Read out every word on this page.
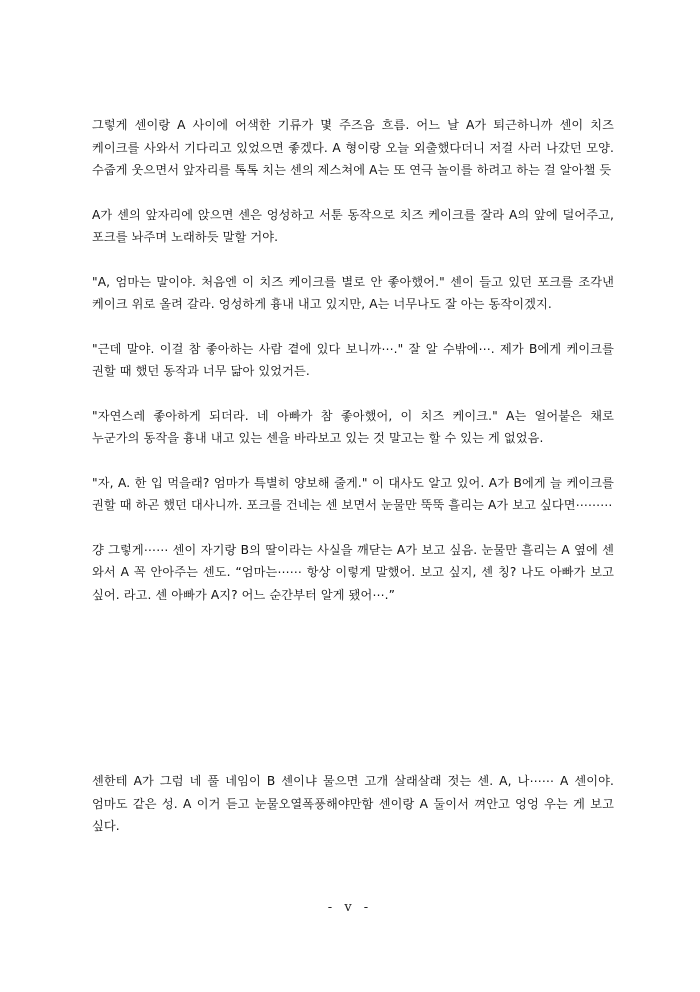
그렇게 센이랑 A 사이에 어색한 기류가 몇 주즈음 흐름. 어느 날 A가 퇴근하니까 센이 치즈 케이크를 사와서 기다리고 있었으면 좋겠다. A 형이랑 오늘 외출했다더니 저걸 사러 나갔던 모양. 수줍게 웃으면서 앞자리를 톡톡 치는 센의 제스쳐에 A는 또 연극 놀이를 하려고 하는 걸 알아챌 듯

A가 센의 앞자리에 앉으면 센은 엉성하고 서툰 동작으로 치즈 케이크를 잘라 A의 앞에 덜어주고, 포크를 놔주며 노래하듯 말할 거야.

"A, 엄마는 말이야. 처음엔 이 치즈 케이크를 별로 안 좋아했어." 센이 들고 있던 포크를 조각낸 케이크 위로 올려 갈라. 엉성하게 흉내 내고 있지만, A는 너무나도 잘 아는 동작이겠지.

"근데 말야. 이걸 참 좋아하는 사람 곁에 있다 보니까⋯." 잘 알 수밖에⋯. 제가 B에게 케이크를 권할 때 했던 동작과 너무 닮아 있었거든.

"자연스레 좋아하게 되더라. 네 아빠가 참 좋아했어, 이 치즈 케이크." A는 얼어붙은 채로 누군가의 동작을 흉내 내고 있는 센을 바라보고 있는 것 말고는 할 수 있는 게 없었음.

"자, A. 한 입 먹을래? 엄마가 특별히 양보해 줄게." 이 대사도 알고 있어. A가 B에게 늘 케이크를 권할 때 하곤 했던 대사니까. 포크를 건네는 센 보면서 눈물만 뚝뚝 흘리는 A가 보고 싶다면⋯⋯⋯

걍 그렇게⋯⋯ 센이 자기랑 B의 딸이라는 사실을 깨닫는 A가 보고 싶음. 눈물만 흘리는 A 옆에 센 와서 A 꼭 안아주는 센도. “엄마는⋯⋯ 항상 이렇게 말했어. 보고 싶지, 센 칭? 나도 아빠가 보고 싶어. 라고. 센 아빠가 A지? 어느 순간부터 알게 됐어⋯.”

센한테 A가 그럼 네 풀 네임이 B 센이냐 물으면 고개 살래살래 젓는 센. A, 나⋯⋯ A 센이야. 엄마도 같은 성. A 이거 듣고 눈물오열폭풍해야만함 센이랑 A 둘이서 껴안고 엉엉 우는 게 보고 싶다.

- v -
